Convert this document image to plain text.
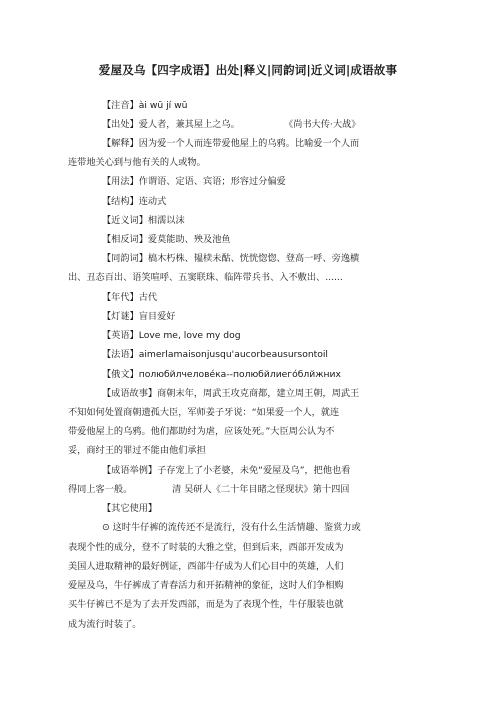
爱屋及乌【四字成语】出处|释义|同韵词|近义词|成语故事
【注音】ài wū jí wū
【出处】爱人者，兼其屋上之乌。	《尚书大传·大战》
【解释】因为爱一个人而连带爱他屋上的乌鸦。比喻爱一个人而
连带地关心到与他有关的人或物。
【用法】作谓语、定语、宾语；形容过分偏爱
【结构】连动式
【近义词】相濡以沫
【相反词】爱莫能助、殃及池鱼
【同韵词】槁木朽株、韫椟未酤、恍恍惚惚、登高一呼、旁逸横
出、丑态百出、语笑喧呼、五窦联珠、临阵带兵书、入不敷出、......
【年代】古代
【灯谜】盲目爱好
【英语】Love me, love my dog
【法语】aimerlamaisonjusqu'aucorbeausursontoil
【俄文】полюбйлчелове́ка--полюбйлиего́блйжних
【成语故事】商朝末年，周武王攻克商都，建立周王朝，周武王
不知如何处置商朝遗孤大臣，军师姜子牙说：“如果爱一个人，就连
带爱他屋上的乌鸦。他们都助纣为虐，应该处死。”大臣周公认为不
妥，商纣王的罪过不能由他们承担
【成语举例】子存宠上了小老婆，未免“爱屋及乌”，把他也看
得同上客一般。	清 吴研人《二十年目睹之怪现状》第十四回
【其它使用】
⊙ 这时牛仔裤的流传还不是流行，没有什么生活情趣、鉴赏力或
表现个性的成分，登不了时装的大雅之堂，但到后来，西部开发成为
美国人进取精神的最好例证，西部牛仔成为人们心目中的英雄，人们
爱屋及乌，牛仔裤成了青春活力和开拓精神的象征，这时人们争相购
买牛仔裤已不是为了去开发西部，而是为了表现个性，牛仔服装也就
成为流行时装了。
